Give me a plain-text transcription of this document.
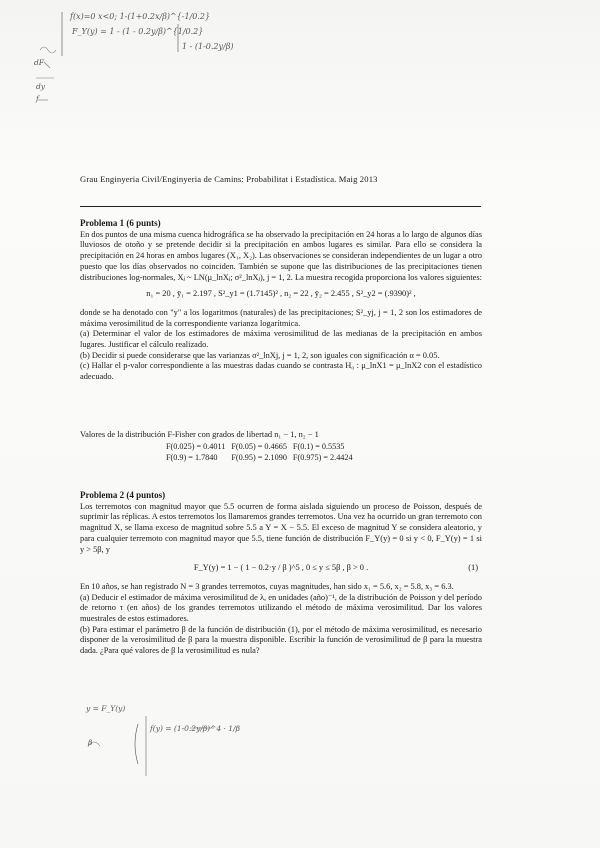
f(x)=0 x<0; 1-(1+0.2x/β)^{-1/0.2}
F_Y(y) = 1 - (1 - 0.2y/β)^{1/0.2}
1 - (1-0.2y/β)
dF
dy
f
Grau Enginyeria Civil/Enginyeria de Camins: Probabilitat i Estadística. Maig 2013

Problema 1 (6 punts)

En dos puntos de una misma cuenca hidrográfica se ha observado la precipitación en 24 horas a lo largo de algunos días lluviosos de otoño y se pretende decidir si la precipitación en ambos lugares es similar. Para ello se considera la precipitación en 24 horas en ambos lugares (X₁, X₂). Las observaciones se consideran independientes de un lugar a otro puesto que los días observados no coinciden. También se supone que las distribuciones de las precipitaciones tienen distribuciones log-normales, Xⱼ ~ LN(μ_lnXⱼ; σ²_lnXⱼ), j = 1, 2. La muestra recogida proporciona los valores siguientes:

n₁ = 20 , ȳ₁ = 2.197 , S²_y1 = (1.7145)² , n₂ = 22 , ȳ₂ = 2.455 , S²_y2 = (.9390)² ,

donde se ha denotado con "y" a los logaritmos (naturales) de las precipitaciones; S²_yj, j = 1, 2 son los estimadores de máxima verosimilitud de la correspondiente varianza logarítmica.

(a) Determinar el valor de los estimadores de máxima verosimilitud de las medianas de la precipitación en ambos lugares. Justificar el cálculo realizado.

(b) Decidir si puede considerarse que las varianzas σ²_lnXj, j = 1, 2, son iguales con significación α = 0.05.

(c) Hallar el p-valor correspondiente a las muestras dadas cuando se contrasta H₀ : μ_lnX1 = μ_lnX2 con el estadístico adecuado.

Valores de la distribución F-Fisher con grados de libertad n₁ − 1, n₂ − 1

F(0.025) = 0.4011	F(0.05) = 0.4665	F(0.1) = 0.5535
F(0.9) = 1.7840	F(0.95) = 2.1090	F(0.975) = 2.4424

Problema 2 (4 puntos)

Los terremotos con magnitud mayor que 5.5 ocurren de forma aislada siguiendo un proceso de Poisson, después de suprimir las réplicas. A estos terremotos los llamaremos grandes terremotos. Una vez ha ocurrido un gran terremoto con magnitud X, se llama exceso de magnitud sobre 5.5 a Y = X − 5.5. El exceso de magnitud Y se considera aleatorio, y para cualquier terremoto con magnitud mayor que 5.5, tiene función de distribución F_Y(y) = 0 si y < 0, F_Y(y) = 1 si y > 5β, y

F_Y(y) = 1 − ( 1 − 0.2·y / β )^5 , 0 ≤ y ≤ 5β , β > 0 .	(1)

En 10 años, se han registrado N = 3 grandes terremotos, cuyas magnitudes, han sido x₁ = 5.6, x₂ = 5.8, x₃ = 6.3.

(a) Deducir el estimador de máxima verosimilitud de λ, en unidades (año)⁻¹, de la distribución de Poisson y del período de retorno τ (en años) de los grandes terremotos utilizando el método de máxima verosimilitud. Dar los valores muestrales de estos estimadores.

(b) Para estimar el parámetro β de la función de distribución (1), por el método de máxima verosimilitud, es necesario disponer de la verosimilitud de β para la muestra disponible. Escribir la función de verosimilitud de β para la muestra dada. ¿Para qué valores de β la verosimilitud es nula?

y = F_Y(y)
f(y) = (1-0.2y/β)^4 · 1/β
β
